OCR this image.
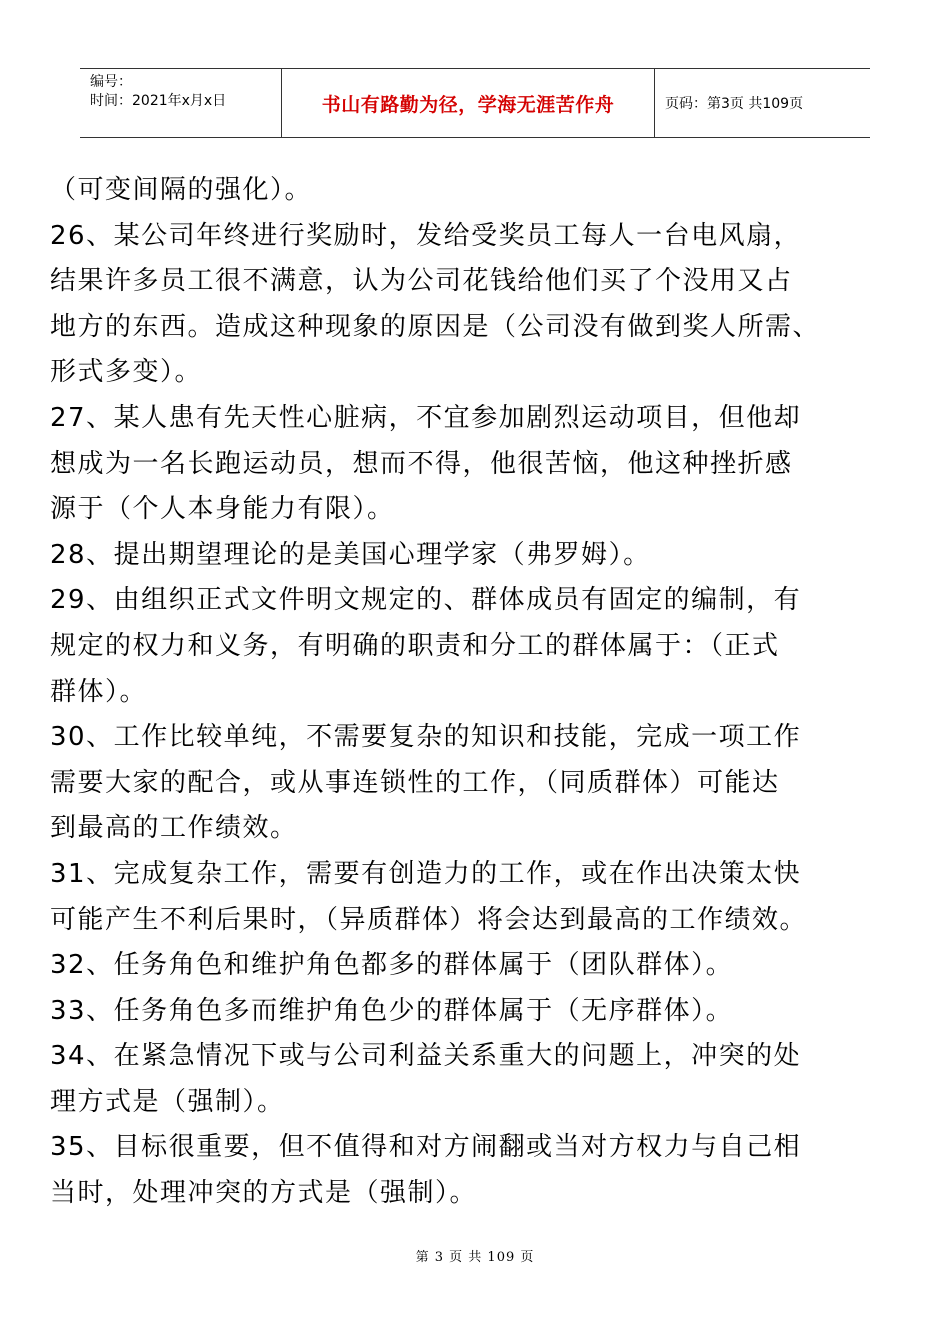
编号：
时间：2021年x月x日	书山有路勤为径，学海无涯苦作舟	页码：第3页 共109页

（可变间隔的强化）。

26、某公司年终进行奖励时，发给受奖员工每人一台电风扇，

结果许多员工很不满意，认为公司花钱给他们买了个没用又占

地方的东西。造成这种现象的原因是（公司没有做到奖人所需、

形式多变）。

27、某人患有先天性心脏病，不宜参加剧烈运动项目，但他却

想成为一名长跑运动员，想而不得，他很苦恼，他这种挫折感

源于（个人本身能力有限）。

28、提出期望理论的是美国心理学家（弗罗姆）。

29、由组织正式文件明文规定的、群体成员有固定的编制，有

规定的权力和义务，有明确的职责和分工的群体属于：（正式

群体）。

30、工作比较单纯，不需要复杂的知识和技能，完成一项工作

需要大家的配合，或从事连锁性的工作，（同质群体）可能达

到最高的工作绩效。

31、完成复杂工作，需要有创造力的工作，或在作出决策太快

可能产生不利后果时，（异质群体）将会达到最高的工作绩效。

32、任务角色和维护角色都多的群体属于（团队群体）。

33、任务角色多而维护角色少的群体属于（无序群体）。

34、在紧急情况下或与公司利益关系重大的问题上，冲突的处

理方式是（强制）。

35、目标很重要，但不值得和对方闹翻或当对方权力与自己相

当时，处理冲突的方式是（强制）。

第 3 页 共 109 页
